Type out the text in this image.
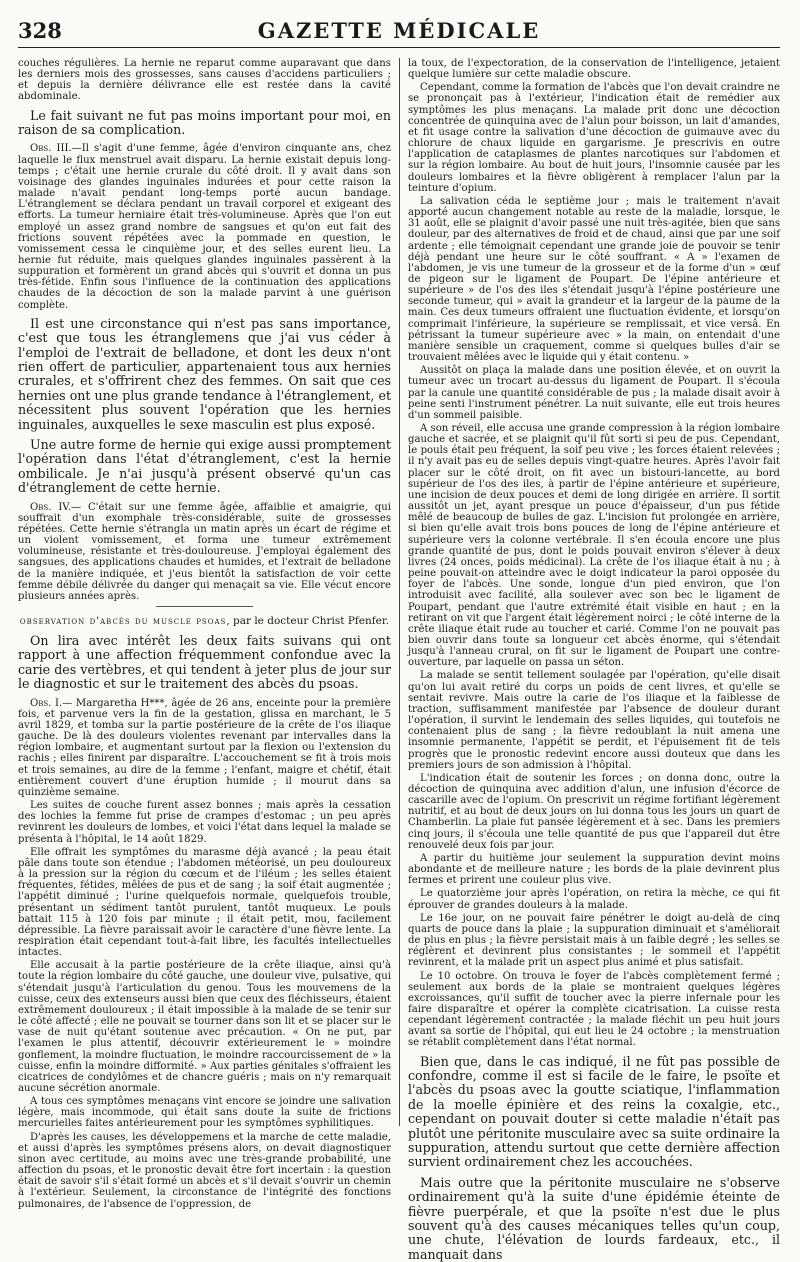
328	GAZETTE MÉDICALE

couches régulières. La hernie ne reparut comme auparavant que dans les derniers mois des grossesses, sans causes d'accidens particuliers ; et depuis la dernière délivrance elle est restée dans la cavité abdominale.

Le fait suivant ne fut pas moins important pour moi, en raison de sa complication.

Obs. III.—Il s'agit d'une femme, âgée d'environ cinquante ans, chez laquelle le flux menstruel avait disparu. La hernie existait depuis long-temps ; c'était une hernie crurale du côté droit. Il y avait dans son voisinage des glandes inguinales indurées et pour cette raison la malade n'avait pendant long-temps porté aucun bandage. L'étranglement se déclara pendant un travail corporel et exigeant des efforts. La tumeur herniaire était très-volumineuse. Après que l'on eut employé un assez grand nombre de sangsues et qu'on eut fait des frictions souvent répétées avec la pommade en question, le vomissement cessa le cinquième jour, et des selles eurent lieu. La hernie fut réduite, mais quelques glandes inguinales passèrent à la suppuration et formèrent un grand abcès qui s'ouvrit et donna un pus très-fétide. Enfin sous l'influence de la continuation des applications chaudes de la décoction de son la malade parvint à une guérison complète.

Il est une circonstance qui n'est pas sans importance, c'est que tous les étranglemens que j'ai vus céder à l'emploi de l'extrait de belladone, et dont les deux n'ont rien offert de particulier, appartenaient tous aux hernies crurales, et s'offrirent chez des femmes. On sait que ces hernies ont une plus grande tendance à l'étranglement, et nécessitent plus souvent l'opération que les hernies inguinales, auxquelles le sexe masculin est plus exposé.

Une autre forme de hernie qui exige aussi promptement l'opération dans l'état d'étranglement, c'est la hernie ombilicale. Je n'ai jusqu'à présent observé qu'un cas d'étranglement de cette hernie.

Obs. IV.— C'était sur une femme âgée, affaiblie et amaigrie, qui souffrait d'un exomphale très-considérable, suite de grossesses répétées. Cette hernie s'étrangla un matin après un écart de régime et un violent vomissement, et forma une tumeur extrêmement volumineuse, résistante et très-douloureuse. J'employai également des sangsues, des applications chaudes et humides, et l'extrait de belladone de la manière indiquée, et j'eus bientôt la satisfaction de voir cette femme débile délivrée du danger qui menaçait sa vie. Elle vécut encore plusieurs années après.

observation d'abcès du muscle psoas, par le docteur Christ Pfenfer.

On lira avec intérêt les deux faits suivans qui ont rapport à une affection fréquemment confondue avec la carie des vertèbres, et qui tendent à jeter plus de jour sur le diagnostic et sur le traitement des abcès du psoas.

Obs. I.— Margaretha H***, âgée de 26 ans, enceinte pour la première fois, et parvenue vers la fin de la gestation, glissa en marchant, le 5 avril 1829, et tomba sur la partie postérieure de la crête de l'os iliaque gauche. De là des douleurs violentes revenant par intervalles dans la région lombaire, et augmentant surtout par la flexion ou l'extension du rachis ; elles finirent par disparaître. L'accouchement se fit à trois mois et trois semaines, au dire de la femme ; l'enfant, maigre et chétif, était entièrement couvert d'une éruption humide ; il mourut dans sa quinzième semaine.

Les suites de couche furent assez bonnes ; mais après la cessation des lochies la femme fut prise de crampes d'estomac ; un peu après revinrent les douleurs de lombes, et voici l'état dans lequel la malade se présenta à l'hôpital, le 14 août 1829.

Elle offrait les symptômes du marasme déjà avancé ; la peau était pâle dans toute son étendue ; l'abdomen météorisé, un peu douloureux à la pression sur la région du cœcum et de l'iléum ; les selles étaient fréquentes, fétides, mêlées de pus et de sang ; la soif était augmentée ; l'appétit diminué ; l'urine quelquefois normale, quelquefois trouble, présentant un sédiment tantôt purulent, tantôt muqueux. Le pouls battait 115 à 120 fois par minute ; il était petit, mou, facilement dépressible. La fièvre paraissait avoir le caractère d'une fièvre lente. La respiration était cependant tout-à-fait libre, les facultés intellectuelles intactes.

Elle accusait à la partie postérieure de la crête iliaque, ainsi qu'à toute la région lombaire du côté gauche, une douleur vive, pulsative, qui s'étendait jusqu'à l'articulation du genou. Tous les mouvemens de la cuisse, ceux des extenseurs aussi bien que ceux des fléchisseurs, étaient extrêmement douloureux ; il était impossible à la malade de se tenir sur le côté affecté ; elle ne pouvait se tourner dans son lit et se placer sur le vase de nuit qu'étant soutenue avec précaution. « On ne put, par l'examen le plus attentif, découvrir extérieurement le » moindre gonflement, la moindre fluctuation, le moindre raccourcissement de » la cuisse, enfin la moindre difformité. » Aux parties génitales s'offraient les cicatrices de condylômes et de chancre guéris ; mais on n'y remarquait aucune sécrétion anormale.

A tous ces symptômes menaçans vint encore se joindre une salivation légère, mais incommode, qui était sans doute la suite de frictions mercurielles faites antérieurement pour les symptômes syphilitiques.

D'après les causes, les développemens et la marche de cette maladie, et aussi d'après les symptômes présens alors, on devait diagnostiquer sinon avec certitude, au moins avec une très-grande probabilité, une affection du psoas, et le pronostic devait être fort incertain : la question était de savoir s'il s'était formé un abcès et s'il devait s'ouvrir un chemin à l'extérieur. Seulement, la circonstance de l'intégrité des fonctions pulmonaires, de l'absence de l'oppression, de

la toux, de l'expectoration, de la conservation de l'intelligence, jetaient quelque lumière sur cette maladie obscure.

Cependant, comme la formation de l'abcès que l'on devait craindre ne se prononçait pas à l'extérieur, l'indication était de remédier aux symptômes les plus menaçans. La malade prit donc une décoction concentrée de quinquina avec de l'alun pour boisson, un lait d'amandes, et fit usage contre la salivation d'une décoction de guimauve avec du chlorure de chaux liquide en gargarisme. Je prescrivis en outre l'application de cataplasmes de plantes narcotiques sur l'abdomen et sur la région lombaire. Au bout de huit jours, l'insomnie causée par les douleurs lombaires et la fièvre obligèrent à remplacer l'alun par la teinture d'opium.

La salivation céda le septième jour ; mais le traitement n'avait apporté aucun changement notable au reste de la maladie, lorsque, le 31 août, elle se plaignit d'avoir passé une nuit très-agitée, bien que sans douleur, par des alternatives de froid et de chaud, ainsi que par une soif ardente ; elle témoignait cependant une grande joie de pouvoir se tenir déjà pendant une heure sur le côté souffrant. « A » l'examen de l'abdomen, je vis une tumeur de la grosseur et de la forme d'un » œuf de pigeon sur le ligament de Poupart. De l'épine antérieure et supérieure » de l'os des iles s'étendait jusqu'à l'épine postérieure une seconde tumeur, qui » avait la grandeur et la largeur de la paume de la main. Ces deux tumeurs offraient une fluctuation évidente, et lorsqu'on comprimait l'inférieure, la supérieure se remplissait, et vice versâ. En pétrissant la tumeur supérieure avec » la main, on entendait d'une manière sensible un craquement, comme si quelques bulles d'air se trouvaient mêlées avec le liquide qui y était contenu. »

Aussitôt on plaça la malade dans une position élevée, et on ouvrit la tumeur avec un trocart au-dessus du ligament de Poupart. Il s'écoula par la canule une quantité considérable de pus ; la malade disait avoir à peine senti l'instrument pénétrer. La nuit suivante, elle eut trois heures d'un sommeil paisible.

A son réveil, elle accusa une grande compression à la région lombaire gauche et sacrée, et se plaignit qu'il fût sorti si peu de pus. Cependant, le pouls était peu fréquent, la soif peu vive ; les forces étaient relevées ; il n'y avait pas eu de selles depuis vingt-quatre heures. Après l'avoir fait placer sur le côté droit, on fit avec un bistouri-lancette, au bord supérieur de l'os des iles, à partir de l'épine antérieure et supérieure, une incision de deux pouces et demi de long dirigée en arrière. Il sortit aussitôt un jet, ayant presque un pouce d'épaisseur, d'un pus fétide mêlé de beaucoup de bulles de gaz. L'incision fut prolongée en arrière, si bien qu'elle avait trois bons pouces de long de l'épine antérieure et supérieure vers la colonne vertébrale. Il s'en écoula encore une plus grande quantité de pus, dont le poids pouvait environ s'élever à deux livres (24 onces, poids médicinal). La crête de l'os iliaque était à nu ; à peine pouvait-on atteindre avec le doigt indicateur la paroi opposée du foyer de l'abcès. Une sonde, longue d'un pied environ, que l'on introduisit avec facilité, alla soulever avec son bec le ligament de Poupart, pendant que l'autre extrémité était visible en haut ; en la retirant on vit que l'argent était légèrement noirci ; le côté interne de la crête iliaque était rude au toucher et carié. Comme l'on ne pouvait pas bien ouvrir dans toute sa longueur cet abcès énorme, qui s'étendait jusqu'à l'anneau crural, on fit sur le ligament de Poupart une contre-ouverture, par laquelle on passa un séton.

La malade se sentit tellement soulagée par l'opération, qu'elle disait qu'on lui avait retiré du corps un poids de cent livres, et qu'elle se sentait revivre. Mais outre la carie de l'os iliaque et la faiblesse de traction, suffisamment manifestée par l'absence de douleur durant l'opération, il survint le lendemain des selles liquides, qui toutefois ne contenaient plus de sang ; la fièvre redoublant la nuit amena une insomnie permanente, l'appétit se perdit, et l'épuisement fit de tels progrès que le pronostic redevint encore aussi douteux que dans les premiers jours de son admission à l'hôpital.

L'indication était de soutenir les forces ; on donna donc, outre la décoction de quinquina avec addition d'alun, une infusion d'écorce de cascarille avec de l'opium. On prescrivit un régime fortifiant légèrement nutritif, et au bout de deux jours on lui donna tous les jours un quart de Chamberlin. La plaie fut pansée légèrement et à sec. Dans les premiers cinq jours, il s'écoula une telle quantité de pus que l'appareil dut être renouvelé deux fois par jour.

A partir du huitième jour seulement la suppuration devint moins abondante et de meilleure nature ; les bords de la plaie devinrent plus fermes et prirent une couleur plus vive.

Le quatorzième jour après l'opération, on retira la mèche, ce qui fit éprouver de grandes douleurs à la malade.

Le 16e jour, on ne pouvait faire pénétrer le doigt au-delà de cinq quarts de pouce dans la plaie ; la suppuration diminuait et s'améliorait de plus en plus ; la fièvre persistait mais à un faible degré ; les selles se réglèrent et devinrent plus consistantes ; le sommeil et l'appétit revinrent, et la malade prit un aspect plus animé et plus satisfait.

Le 10 octobre. On trouva le foyer de l'abcès complètement fermé ; seulement aux bords de la plaie se montraient quelques légères excroissances, qu'il suffit de toucher avec la pierre infernale pour les faire disparaître et opérer la complète cicatrisation. La cuisse resta cependant légèrement contractée ; la malade fléchit un peu huit jours avant sa sortie de l'hôpital, qui eut lieu le 24 octobre ; la menstruation se rétablit complètement dans l'état normal.

Bien que, dans le cas indiqué, il ne fût pas possible de confondre, comme il est si facile de le faire, le psoïte et l'abcès du psoas avec la goutte sciatique, l'inflammation de la moelle épinière et des reins la coxalgie, etc., cependant on pouvait douter si cette maladie n'était pas plutôt une péritonite musculaire avec sa suite ordinaire la suppuration, attendu surtout que cette dernière affection survient ordinairement chez les accouchées.

Mais outre que la péritonite musculaire ne s'observe ordinairement qu'à la suite d'une épidémie éteinte de fièvre puerpérale, et que la psoïte n'est due le plus souvent qu'à des causes mécaniques telles qu'un coup, une chute, l'élévation de lourds fardeaux, etc., il manquait dans
